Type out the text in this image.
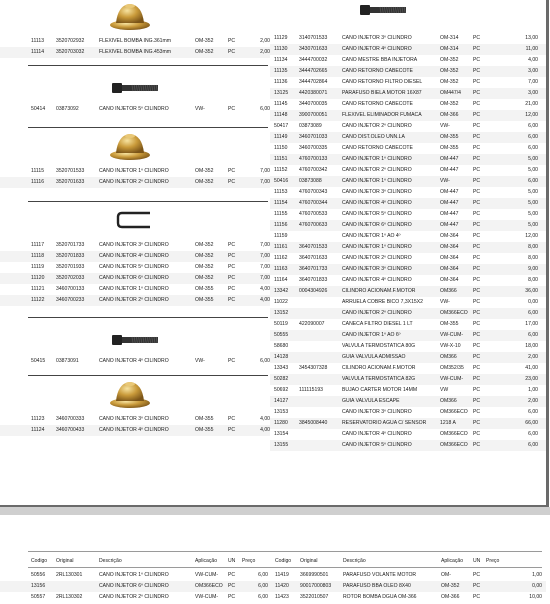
11113 3520702932	FLEXIVEL BOMBA ING.361mm	OM-352	PC	2,00
11114 3520703032	FLEXIVEL BOMBA ING.453mm	OM-352	PC	2,00
50414 03873092	CANO INJETOR 5º CILINDRO	VW-	PC	6,00
11115 3520701533	CANO INJETOR 1º CILINDRO	OM-352	PC	7,00
11116 3520701633	CANO INJETOR 2º CILINDRO	OM-352	PC	7,00
11117 3520701733	CANO INJETOR 3º CILINDRO	OM-352	PC	7,00
11118 3520701833	CANO INJETOR 4º CILINDRO	OM-352	PC	7,00
11119 3520701933	CANO INJETOR 5º CILINDRO	OM-352	PC	7,00
11120 3520702033	CANO INJETOR 6º CILINDRO	OM-352	PC	7,00
11121 3460700133	CANO INJETOR 1º CILINDRO	OM-355	PC	4,00
11122 3460700233	CANO INJETOR 2º CILINDRO	OM-355	PC	4,00
50415 03873091	CANO INJETOR 4º CILINDRO	VW-	PC	6,00
11123 3460700333	CANO INJETOR 3º CILINDRO	OM-355	PC	4,00
11124 3460700433	CANO INJETOR 4º CILINDRO	OM-355	PC	4,00
11129 3140701533	CANO INJETOR 3º CILINDRO	OM-314	PC	13,00
11130 3430701633	CANO INJETOR 4º CILINDRO	OM-314	PC	11,00
11134 3444700032	CANO MESTRE BBA INJETORA	OM-352	PC	4,00
11135 3444702665	CANO RETORNO CABECOTE	OM-352	PC	3,00
11136 3444702864	CANO RETORNO FILTRO DIESEL	OM-352	PC	7,00
13125 4420380071	PARAFUSO BIELA MOTOR 16X87	OM447/4 PC	3,00
11145 3440700035	CANO RETORNO CABECOTE	OM-352	PC	21,00
11148 3900700051	FLEXIVEL ELIMINADOR FUMACA	OM-366	PC	12,00
50417 03873089	CANO INJETOR 2º CILINDRO	VW-	PC	6,00
11149 3460701033	CANO DIST.OLEO UNN.LA	OM-355	PC	6,00
11150 3460700335	CANO RETORNO CABECOTE	OM-355	PC	6,00
11151 4760700133	CANO INJETOR 1º CILINDRO	OM-447	PC	5,00
11152 4760700342	CANO INJETOR 2º CILINDRO	OM-447	PC	5,00
50416 03873088	CANO INJETOR 1º CILINDRO	VW-	PC	6,00
11153 4760700343	CANO INJETOR 3º CILINDRO	OM-447	PC	5,00
11154 4760700344	CANO INJETOR 4º CILINDRO	OM-447	PC	5,00
11155 4760700533	CANO INJETOR 5º CILINDRO	OM-447	PC	5,00
11156 4760700633	CANO INJETOR 6º CILINDRO	OM-447	PC	5,00
11159	CANO INJETOR 1º AO 4º	OM-364	PC	12,00
11161 3640701533	CANO INJETOR 1º CILINDRO	OM-364	PC	8,00
11162 3640701633	CANO INJETOR 2º CILINDRO	OM-364	PC	8,00
11163 3640701733	CANO INJETOR 3º CILINDRO	OM-364	PC	9,00
11164 3640701833	CANO INJETOR 4º CILINDRO	OM-364	PC	8,00
13342 0004304926	CILINDRO ACIONAM.F.MOTOR	OM366	PC	36,00
11022	ARRUELA COBRE BICO 7,3X15X2	VW-	PC	0,00
13152	CANO INJETOR 2º CILINDRO	OM366ECO PC	6,00
50119 422090007	CANECA FILTRO DIESEL 1 LT	OM-355	PC	17,00
50555	CANO INJETOR 1º AO 6º	VW-CUM- PC	6,00
58680	VALVULA TERMOSTATICA 80G	VW-X-10 PC	18,00
14128	GUIA VALVULA ADMISSAO	OM366	PC	2,00
13343 3454307328	CILINDRO ACIONAM.F.MOTOR	OM352/35 PC	41,00
50282	VALVULA TERMOSTATICA 82G	VW-CUM- PC	23,00
50692 111115193	BUJAO CARTER MOTOR 14MM	VW	PC	1,00
14127	GUIA VALVULA ESCAPE	OM366	PC	2,00
13153	CANO INJETOR 3º CILINDRO	OM366ECO PC	6,00
11280 3845008440	RESERVATORIO AGUA C/ SENSOR	1218 A	PC	66,00
13154	CANO INJETOR 4º CILINDRO	OM366ECO PC	6,00
13155	CANO INJETOR 5º CILINDRO	OM366ECO PC	6,00
Codigo Original	Descrição	Aplicação UN Preço	Codigo Original	Descrição	Aplicação UN Preço
50556 2RL130301	CANO INJETOR 1º CILINDRO	VW-CUM- PC	6,00
13156	CANO INJETOR 6º CILINDRO	OM366ECO PC	6,00
50557 2RL130302	CANO INJETOR 2º CILINDRO	VW-CUM- PC	6,00
11419 3669990501	PARAFUSO VOLANTE MOTOR	OM-	PC	1,00
11420 90017000803 PARAFUSO BBA OLEO 8X40	OM-352	PC	0,00
11423 3522010507	ROTOR BOMBA DGUA OM-366	OM-366	PC	10,00
